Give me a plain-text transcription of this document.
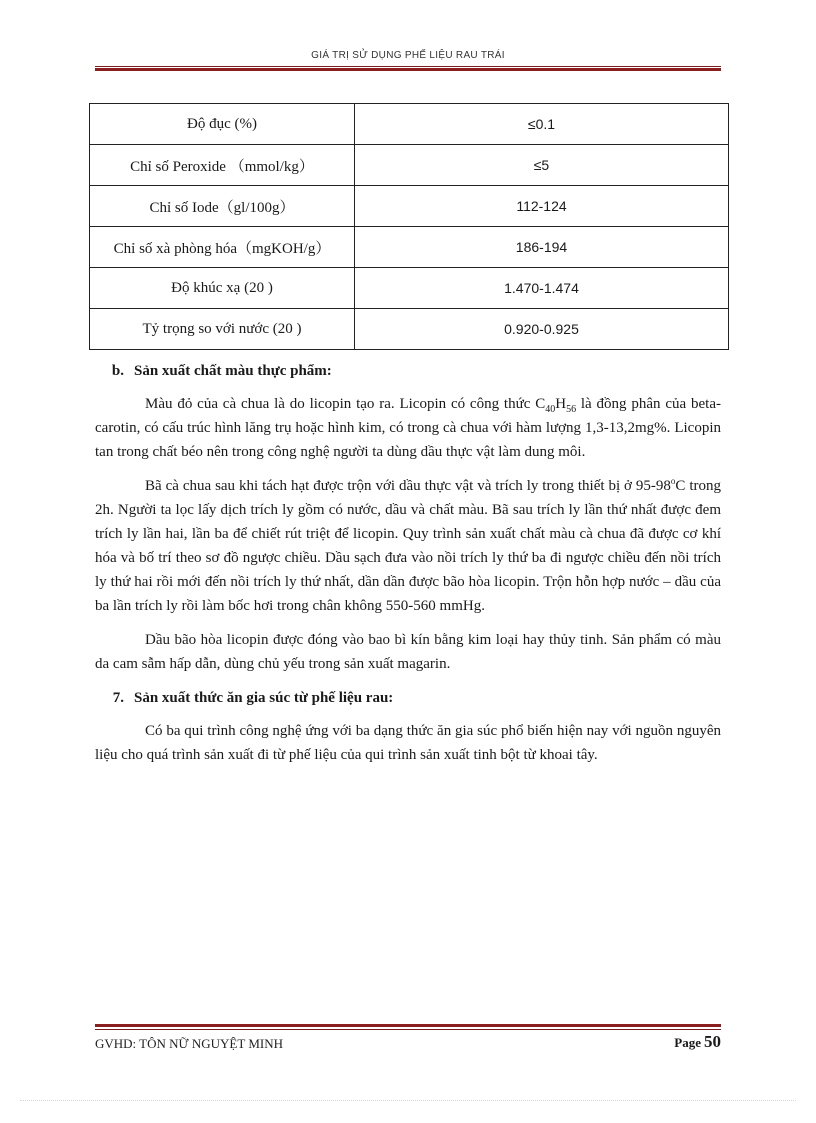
GIÁ TRỊ SỬ DỤNG PHẾ LIỆU RAU TRÁI
Độ đục (%)	≤0.1
Chỉ số Peroxide （mmol/kg）	≤5
Chỉ số Iode（gl/100g）	112-124
Chỉ số xà phòng hóa（mgKOH/g）	186-194
Độ khúc xạ (20 )	1.470-1.474
Tỷ trọng so với nước (20 )	0.920-0.925
b. Sản xuất chất màu thực phẩm:

Màu đỏ của cà chua là do licopin tạo ra. Licopin có công thức $C_{40}H_{56}$ là đồng phân của beta-carotin, có cấu trúc hình lăng trụ hoặc hình kim, có trong cà chua với hàm lượng 1,3-13,2mg%. Licopin tan trong chất béo nên trong công nghệ người ta dùng dầu thực vật làm dung môi.

Bã cà chua sau khi tách hạt được trộn với dầu thực vật và trích ly trong thiết bị ở 95-98$^o$C trong 2h. Người ta lọc lấy dịch trích ly gồm có nước, dầu và chất màu. Bã sau trích ly lần thứ nhất được đem trích ly lần hai, lần ba để chiết rút triệt để licopin. Quy trình sản xuất chất màu cà chua đã được cơ khí hóa và bố trí theo sơ đồ ngược chiều. Dầu sạch đưa vào nồi trích ly thứ ba đi ngược chiều đến nồi trích ly thứ hai rồi mới đến nồi trích ly thứ nhất, dần dần được bão hòa licopin. Trộn hỗn hợp nước – dầu của ba lần trích ly rồi làm bốc hơi trong chân không 550-560 mmHg.

Dầu bão hòa licopin được đóng vào bao bì kín bằng kim loại hay thủy tinh. Sản phẩm có màu da cam sẫm hấp dẫn, dùng chủ yếu trong sản xuất magarin.

7. Sản xuất thức ăn gia súc từ phế liệu rau:

Có ba qui trình công nghệ ứng với ba dạng thức ăn gia súc phổ biến hiện nay với nguồn nguyên liệu cho quá trình sản xuất đi từ phế liệu của qui trình sản xuất tinh bột từ khoai tây.

GVHD: TÔN NỮ NGUYỆT MINH	Page 50
